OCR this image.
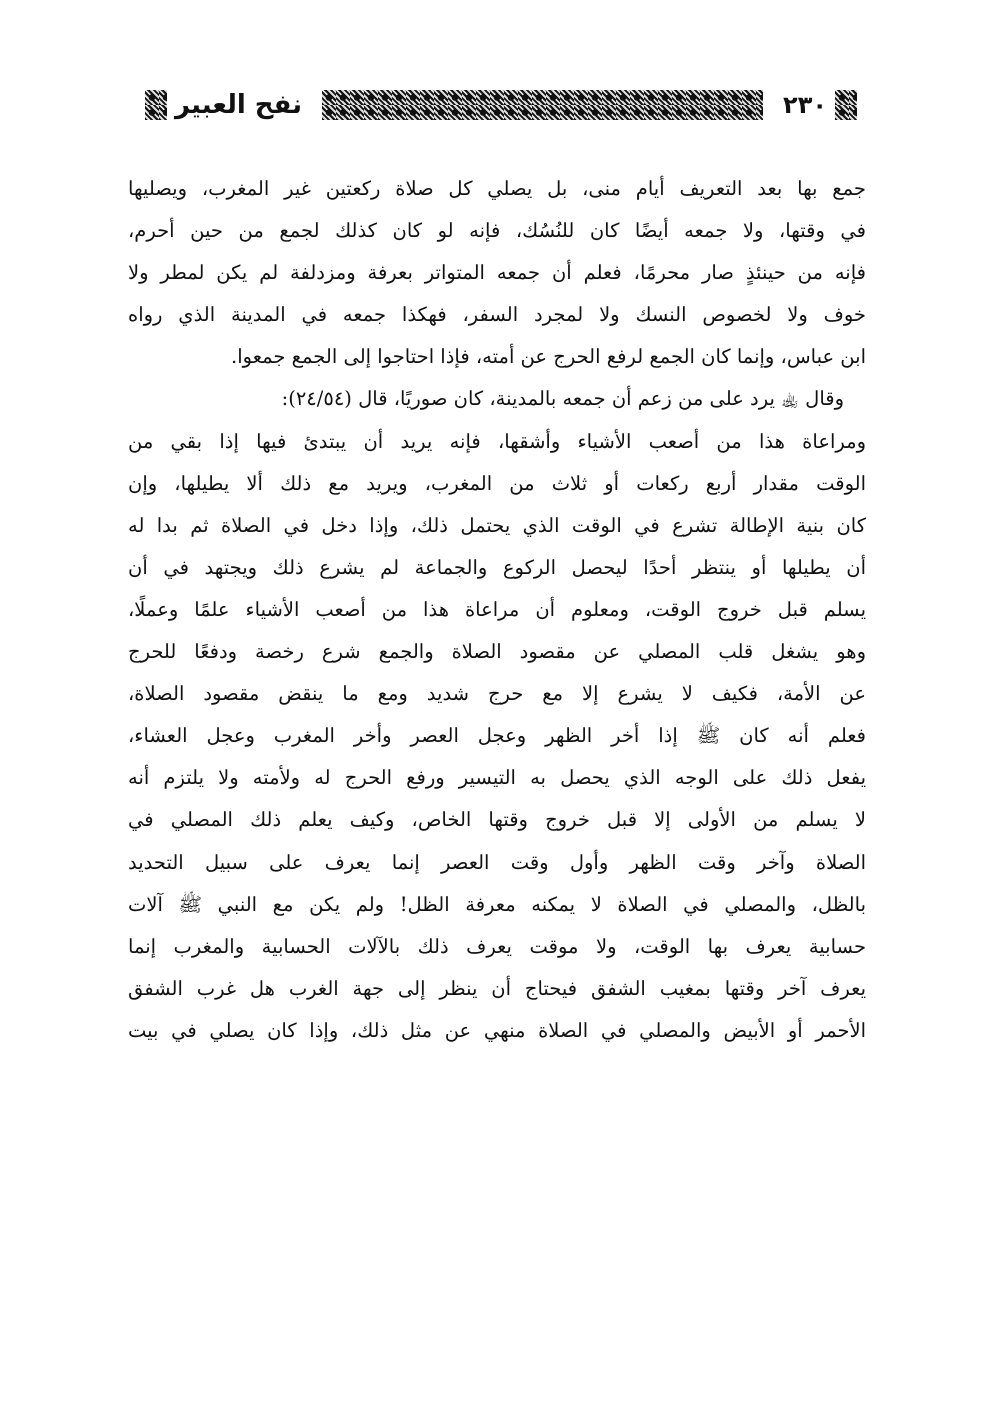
نفح العبير	٢٣٠
جمع بها بعد التعريف أيام منى، بل يصلي كل صلاة ركعتين غير المغرب، ويصليها
في وقتها، ولا جمعه أيضًا كان للنُسُك، فإنه لو كان كذلك لجمع من حين أحرم،
فإنه من حينئذٍ صار محرمًا، فعلم أن جمعه المتواتر بعرفة ومزدلفة لم يكن لمطر ولا
خوف ولا لخصوص النسك ولا لمجرد السفر، فهكذا جمعه في المدينة الذي رواه
ابن عباس، وإنما كان الجمع لرفع الحرج عن أمته، فإذا احتاجوا إلى الجمع جمعوا.
وقال ﵀ يرد على من زعم أن جمعه بالمدينة، كان صوريًا، قال (٢٤/٥٤):
ومراعاة هذا من أصعب الأشياء وأشقها، فإنه يريد أن يبتدئ فيها إذا بقي من
الوقت مقدار أربع ركعات أو ثلاث من المغرب، ويريد مع ذلك ألا يطيلها، وإن
كان بنية الإطالة تشرع في الوقت الذي يحتمل ذلك، وإذا دخل في الصلاة ثم بدا له
أن يطيلها أو ينتظر أحدًا ليحصل الركوع والجماعة لم يشرع ذلك ويجتهد في أن
يسلم قبل خروج الوقت، ومعلوم أن مراعاة هذا من أصعب الأشياء علمًا وعملًا،
وهو يشغل قلب المصلي عن مقصود الصلاة والجمع شرع رخصة ودفعًا للحرج
عن الأمة، فكيف لا يشرع إلا مع حرج شديد ومع ما ينقض مقصود الصلاة،
فعلم أنه كان ﷺ إذا أخر الظهر وعجل العصر وأخر المغرب وعجل العشاء،
يفعل ذلك على الوجه الذي يحصل به التيسير ورفع الحرج له ولأمته ولا يلتزم أنه
لا يسلم من الأولى إلا قبل خروج وقتها الخاص، وكيف يعلم ذلك المصلي في
الصلاة وآخر وقت الظهر وأول وقت العصر إنما يعرف على سبيل التحديد
بالظل، والمصلي في الصلاة لا يمكنه معرفة الظل! ولم يكن مع النبي ﷺ آلات
حسابية يعرف بها الوقت، ولا موقت يعرف ذلك بالآلات الحسابية والمغرب إنما
يعرف آخر وقتها بمغيب الشفق فيحتاج أن ينظر إلى جهة الغرب هل غرب الشفق
الأحمر أو الأبيض والمصلي في الصلاة منهي عن مثل ذلك، وإذا كان يصلي في بيت
